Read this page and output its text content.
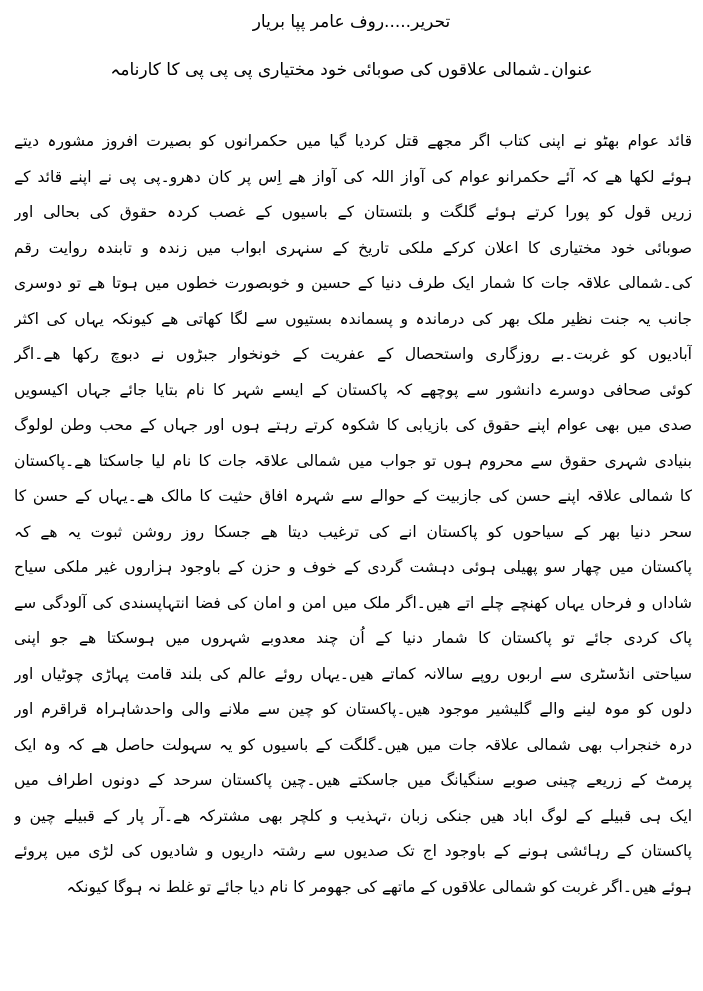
تحریر.....روف عامر پپا بریار
عنوان۔شمالی علاقوں کی صوبائی خود مختیاری پی پی پی کا کارنامہ
قائد عوام بھٹو نے اپنی کتاب اگر مجھے قتل کردیا گیا میں حکمرانوں کو بصیرت افروز مشورہ دیتے
ہوئے لکھا ھے کہ آئے حکمرانو عوام کی آواز اللہ کی آواز ھے اِس پر کان دھرو۔پی پی نے اپنے قائد کے
زریں قول کو پورا کرتے ہوئے گلگت و بلتستان کے باسیوں کے غصب کردہ حقوق کی بحالی اور
صوبائی خود مختیاری کا اعلان کرکے ملکی تاریخ کے سنہری ابواب میں زندہ و تابندہ روایت رقم
کی۔شمالی علاقہ جات کا شمار ایک طرف دنیا کے حسین و خوبصورت خطوں میں ہوتا ھے تو دوسری
جانب یہ جنت نظیر ملک بھر کی درماندہ و پسماندہ بستیوں سے لگا کھاتی ھے کیونکہ یہاں کی اکثر
آبادیوں کو غربت۔بے روزگاری واستحصال کے عفریت کے خونخوار جبڑوں نے دبوچ رکھا ھے۔اگر
کوئی صحافی دوسرے دانشور سے پوچھے کہ پاکستان کے ایسے شہر کا نام بتایا جائے جہاں اکیسویں
صدی میں بھی عوام اپنے حقوق کی بازیابی کا شکوہ کرتے رہتے ہوں اور جہاں کے محب وطن لولوگ
بنیادی شہری حقوق سے محروم ہوں تو جواب میں شمالی علاقہ جات کا نام لیا جاسکتا ھے۔پاکستان
کا شمالی علاقہ اپنے حسن کی جازبیت کے حوالے سے شہرہ افاق حثیت کا مالک ھے۔یہاں کے حسن کا
سحر دنیا بھر کے سیاحوں کو پاکستان انے کی ترغیب دیتا ھے جسکا روز روشن ثبوت یہ ھے کہ
پاکستان میں چھار سو پھیلی ہوئی دہشت گردی کے خوف و حزن کے باوجود ہزاروں غیر ملکی سیاح
شاداں و فرحاں یہاں کھنچے چلے اتے ھیں۔اگر ملک میں امن و امان کی فضا انتہاپسندی کی آلودگی سے
پاک کردی جائے تو پاکستان کا شمار دنیا کے اُن چند معدوبے شہروں میں ہوسکتا ھے جو اپنی
سیاحتی انڈسٹری سے اربوں روپے سالانہ کماتے ھیں۔یہاں روئے عالم کی بلند قامت پہاڑی چوٹیاں اور
دلوں کو موہ لینے والے گلیشیر موجود ھیں۔پاکستان کو چین سے ملانے والی واحدشاہراہ قراقرم اور
درہ خنجراب بھی شمالی علاقہ جات میں ھیں۔گلگت کے باسیوں کو یہ سہولت حاصل ھے کہ وہ ایک
پرمٹ کے زریعے چینی صوبے سنگیانگ میں جاسکتے ھیں۔چین پاکستان سرحد کے دونوں اطراف میں
ایک ہی قبیلے کے لوگ اباد ھیں جنکی زبان ،تہذیب و کلچر بھی مشترکہ ھے۔آر پار کے قبیلے چین و
پاکستان کے رہائشی ہونے کے باوجود اج تک صدیوں سے رشتہ داریوں و شادیوں کی لڑی میں پروئے
ہوئے ھیں۔اگر غربت کو شمالی علاقوں کے ماتھے کی جھومر کا نام دیا جائے تو غلط نہ ہوگا کیونکہ
